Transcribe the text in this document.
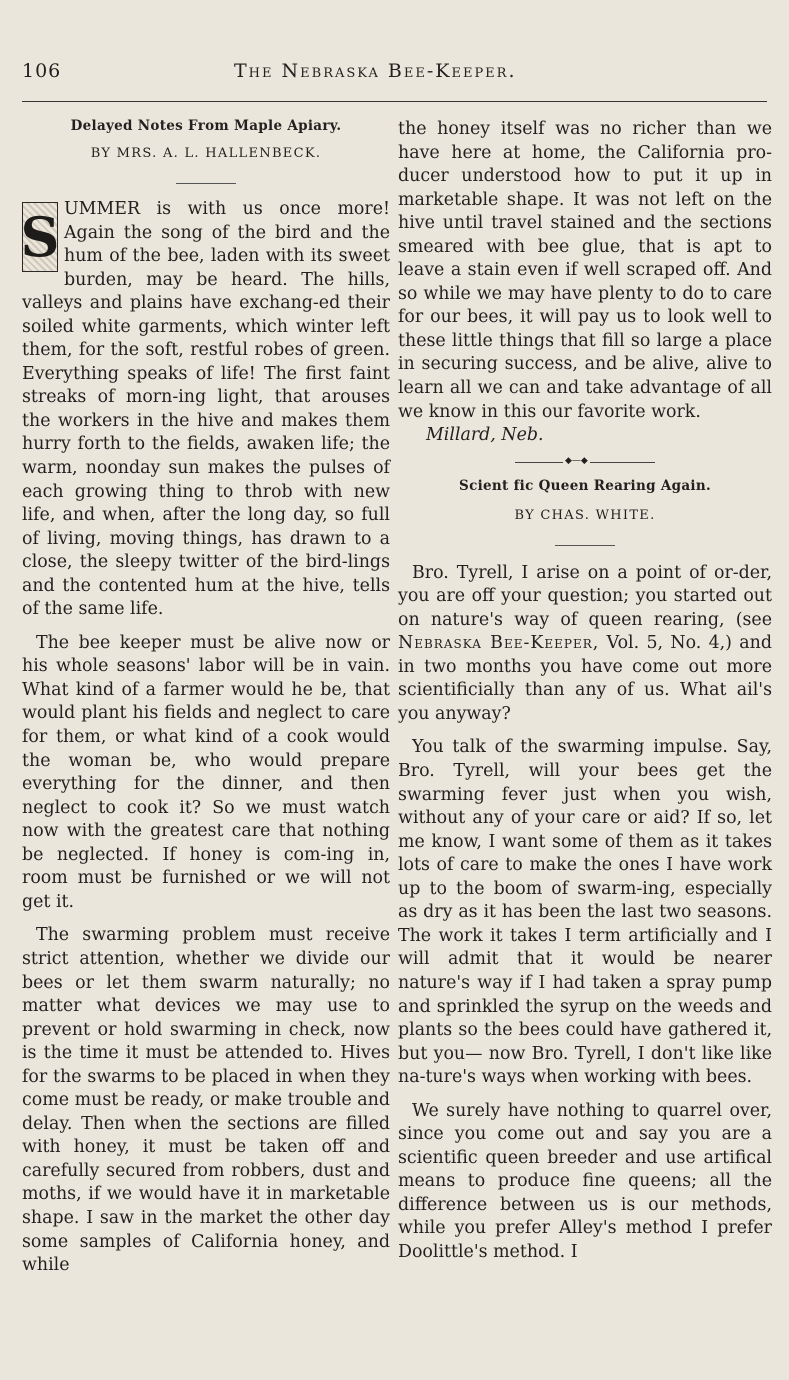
106	The Nebraska Bee-Keeper.
Delayed Notes From Maple Apiary.
BY MRS. A. L. HALLENBECK.

S UMMER is with us once more! Again the song of the bird and the hum of the bee, laden with its sweet burden, may be heard. The hills, valleys and plains have exchang-ed their soiled white garments, which winter left them, for the soft, restful robes of green. Everything speaks of life! The first faint streaks of morn-ing light, that arouses the workers in the hive and makes them hurry forth to the fields, awaken life; the warm, noonday sun makes the pulses of each growing thing to throb with new life, and when, after the long day, so full of living, moving things, has drawn to a close, the sleepy twitter of the bird-lings and the contented hum at the hive, tells of the same life.

The bee keeper must be alive now or his whole seasons' labor will be in vain. What kind of a farmer would he be, that would plant his fields and neglect to care for them, or what kind of a cook would the woman be, who would prepare everything for the dinner, and then neglect to cook it? So we must watch now with the greatest care that nothing be neglected. If honey is com-ing in, room must be furnished or we will not get it.

The swarming problem must receive strict attention, whether we divide our bees or let them swarm naturally; no matter what devices we may use to prevent or hold swarming in check, now is the time it must be attended to. Hives for the swarms to be placed in when they come must be ready, or make trouble and delay. Then when the sections are filled with honey, it must be taken off and carefully secured from robbers, dust and moths, if we would have it in marketable shape. I saw in the market the other day some samples of California honey, and while

the honey itself was no richer than we have here at home, the California pro-ducer understood how to put it up in marketable shape. It was not left on the hive until travel stained and the sections smeared with bee glue, that is apt to leave a stain even if well scraped off. And so while we may have plenty to do to care for our bees, it will pay us to look well to these little things that fill so large a place in securing success, and be alive, alive to learn all we can and take advantage of all we know in this our favorite work.

Millard, Neb.
◆—◆
Scient fic Queen Rearing Again.
BY CHAS. WHITE.

Bro. Tyrell, I arise on a point of or-der, you are off your question; you started out on nature's way of queen rearing, (see Nebraska Bee-Keeper, Vol. 5, No. 4,) and in two months you have come out more scientificially than any of us. What ail's you anyway?

You talk of the swarming impulse. Say, Bro. Tyrell, will your bees get the swarming fever just when you wish, without any of your care or aid? If so, let me know, I want some of them as it takes lots of care to make the ones I have work up to the boom of swarm-ing, especially as dry as it has been the last two seasons. The work it takes I term artificially and I will admit that it would be nearer nature's way if I had taken a spray pump and sprinkled the syrup on the weeds and plants so the bees could have gathered it, but you— now Bro. Tyrell, I don't like like na-ture's ways when working with bees.

We surely have nothing to quarrel over, since you come out and say you are a scientific queen breeder and use artifical means to produce fine queens; all the difference between us is our methods, while you prefer Alley's method I prefer Doolittle's method. I
